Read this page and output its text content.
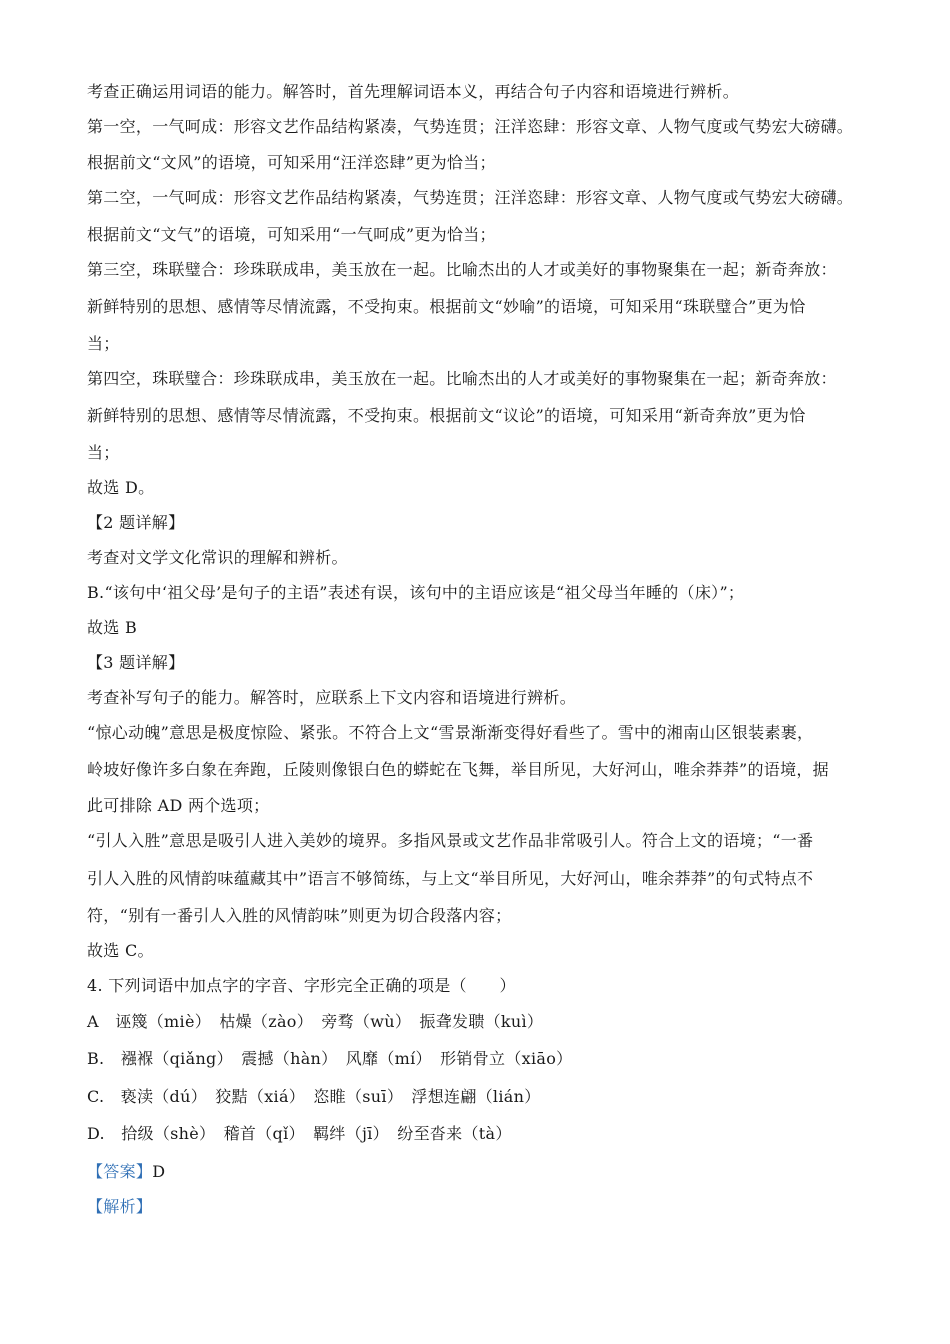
考查正确运用词语的能力。解答时，首先理解词语本义，再结合句子内容和语境进行辨析。
第一空，一气呵成：形容文艺作品结构紧凑，气势连贯；汪洋恣肆：形容文章、人物气度或气势宏大磅礴。
根据前文“文风”的语境，可知采用“汪洋恣肆”更为恰当；
第二空，一气呵成：形容文艺作品结构紧凑，气势连贯；汪洋恣肆：形容文章、人物气度或气势宏大磅礴。
根据前文“文气”的语境，可知采用“一气呵成”更为恰当；
第三空，珠联璧合：珍珠联成串，美玉放在一起。比喻杰出的人才或美好的事物聚集在一起；新奇奔放：
新鲜特别的思想、感情等尽情流露，不受拘束。根据前文“妙喻”的语境，可知采用“珠联璧合”更为恰
当；
第四空，珠联璧合：珍珠联成串，美玉放在一起。比喻杰出的人才或美好的事物聚集在一起；新奇奔放：
新鲜特别的思想、感情等尽情流露，不受拘束。根据前文“议论”的语境，可知采用“新奇奔放”更为恰
当；
故选 D。
【2 题详解】
考查对文学文化常识的理解和辨析。
B.“该句中‘祖父母’是句子的主语”表述有误，该句中的主语应该是“祖父母当年睡的（床）”；
故选 B
【3 题详解】
考查补写句子的能力。解答时，应联系上下文内容和语境进行辨析。
“惊心动魄”意思是极度惊险、紧张。不符合上文“雪景渐渐变得好看些了。雪中的湘南山区银装素裹，
岭坡好像许多白象在奔跑，丘陵则像银白色的蟒蛇在飞舞，举目所见，大好河山，唯余莽莽”的语境，据
此可排除 AD 两个选项；
“引人入胜”意思是吸引人进入美妙的境界。多指风景或文艺作品非常吸引人。符合上文的语境；“一番
引人入胜的风情韵味蕴藏其中”语言不够简练，与上文“举目所见，大好河山，唯余莽莽”的句式特点不
符，“别有一番引人入胜的风情韵味”则更为切合段落内容；
故选 C。
4. 下列词语中加点字的字音、字形完全正确的项是（　　）
A　诬篾（miè）　枯燥（zào）　旁骛（wù）　振聋发聩（kuì）
B.　襁褓（qiǎng）　震撼（hàn）　风靡（mí）　形销骨立（xiāo）
C.　亵渎（dú）　狡黠（xiá）　恣睢（suī）　浮想连翩（lián）
D.　拾级（shè）　稽首（qǐ）　羁绊（jī）　纷至沓来（tà）
【答案】D
【解析】
